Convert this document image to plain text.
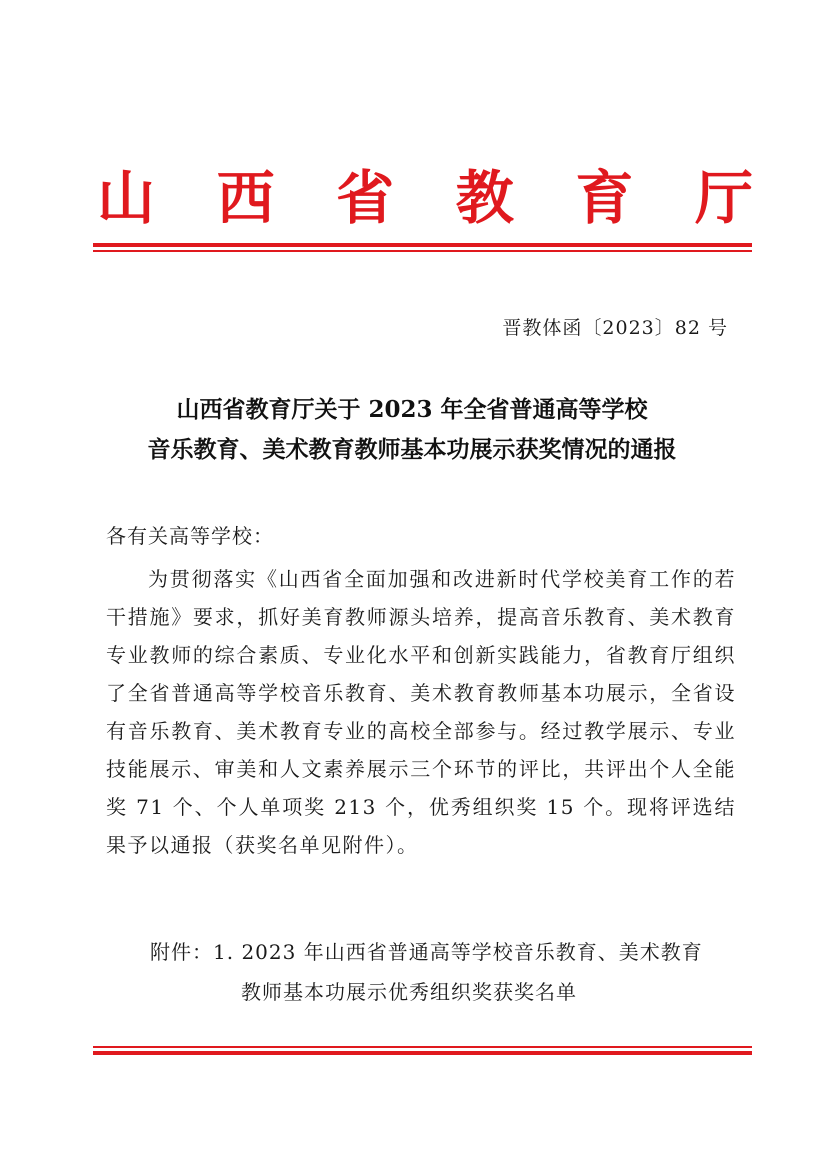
山 西 省 教 育 厅
晋教体函〔2023〕82 号
山西省教育厅关于 2023 年全省普通高等学校
音乐教育、美术教育教师基本功展示获奖情况的通报
各有关高等学校：

为贯彻落实《山西省全面加强和改进新时代学校美育工作的若干措施》要求，抓好美育教师源头培养，提高音乐教育、美术教育专业教师的综合素质、专业化水平和创新实践能力，省教育厅组织了全省普通高等学校音乐教育、美术教育教师基本功展示，全省设有音乐教育、美术教育专业的高校全部参与。经过教学展示、专业技能展示、审美和人文素养展示三个环节的评比，共评出个人全能奖 71 个、个人单项奖 213 个，优秀组织奖 15 个。现将评选结果予以通报（获奖名单见附件）。

附件：1. 2023 年山西省普通高等学校音乐教育、美术教育
教师基本功展示优秀组织奖获奖名单
